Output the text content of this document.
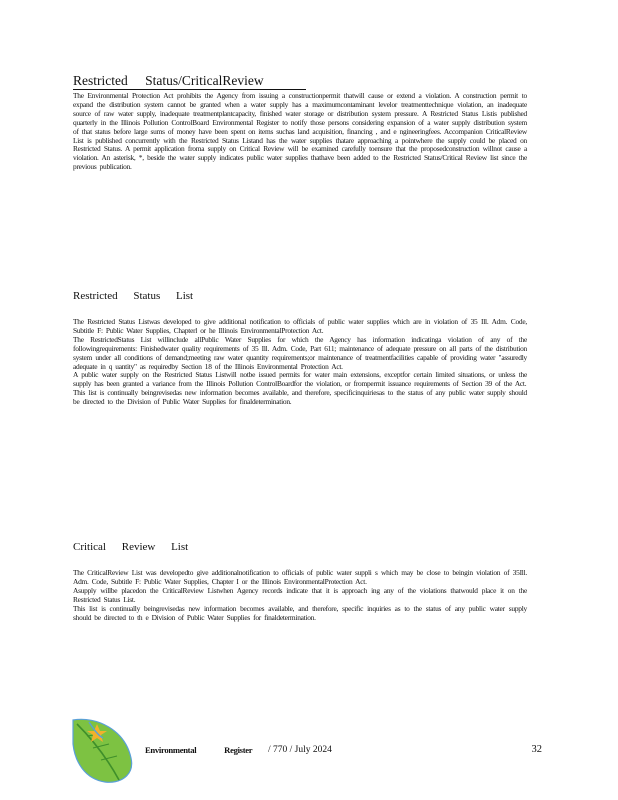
Restricted Status/CriticalReview

The Environmental Protection Act prohibits the Agency from issuing a constructionpermit thatwill cause or extend a violation. A construction permit to expand the distribution system cannot be granted when a water supply has a maximumcontaminant levelor treatmenttechnique violation, an inadequate source of raw water supply, inadequate treatmentplantcapacity, finished water storage or distribution system pressure. A Restricted Status Listis published quarterly in the Illinois Pollution ControlBoard Environmental Register to notify those persons considering expansion of a water supply distribution system of that status before large sums of money have been spent on items suchas land acquisition, financing , and e ngineeringfees. Accompanion CriticalReview List is published concurrently with the Restricted Status Listand has the water supplies thatare approaching a pointwhere the supply could be placed on Restricted Status. A permit application froma supply on Critical Review will be examined carefully toensure that the proposedconstruction willnot cause a violation. An asterisk, *, beside the water supply indicates public water supplies thathave been added to the Restricted Status/Critical Review list since the previous publication.

Restricted Status List
The Restricted Status Listwas developed to give additional notification to officials of public water supplies which are in violation of 35 Ill. Adm. Code, Subtitle F: Public Water Supplies, Chapterl or he Illinois EnvironmentalProtection Act.
The RestrictedStatus List willinclude allPublic Water Supplies for which the Agency has information indicatinga violation of any of the followingrequirements: Finishedwater quality requirements of 35 Ill. Adm. Code, Part 611; maintenance of adequate pressure on all parts of the distribution system under all conditions of demand;meeting raw water quantity requirements;or maintenance of treatmentfacilities capable of providing water "assuredly adequate in q uantity" as requiredby Section 18 of the Illinois Environmental Protection Act.
A public water supply on the Restricted Status Listwill notbe issued permits for water main extensions, exceptfor certain limited situations, or unless the supply has been granted a variance from the Illinois Pollution ControlBoardfor the violation, or fromperrnit issuance requirements of Section 39 of the Act.
This list is continually beingrevisedas new information becomes available, and therefore, specificinquiriesas to the status of any public water supply should be directed to the Division of Public Water Supplies for finaldetermination.
Critical Review List
The CriticalReview List was developedto give additionalnotification to officials of public water suppli s which may be close to beingin violation of 35Ill. Adm. Code, Subtitle F: Public Water Supplies, Chapter I or the Illinois EnvironmentalProtection Act.
Asupply willbe placedon the CriticalReview Listwhen Agency records indicate that it is approach ing any of the violations thatwould place it on the Restricted Status List.
This list is continually beingrevisedas new information becomes available, and therefore, specific inquiries as to the status of any public water supply should be directed to th e Division of Public Water Supplies for finaldetermination.
Environmental Register / 770 / July 2024	32
